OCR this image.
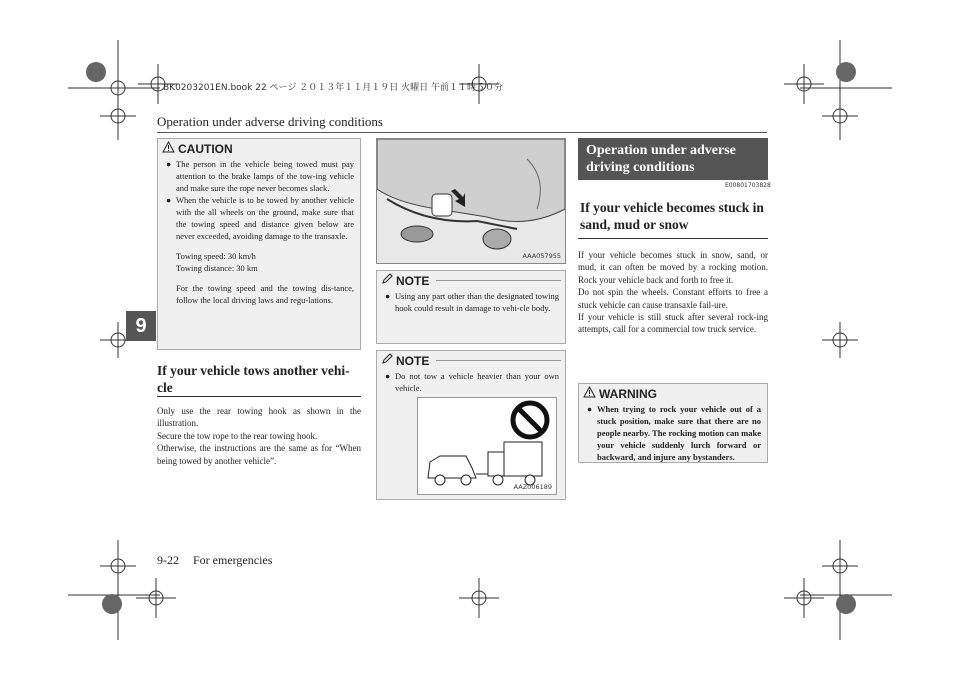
BK0203201EN.book 22 ページ ２０１３年１１月１９日 火曜日 午前１１時５０分
Operation under adverse driving conditions
9
9-22 For emergencies
CAUTION
● The person in the vehicle being towed must pay attention to the brake lamps of the tow-ing vehicle and make sure the rope never becomes slack.
● When the vehicle is to be towed by another vehicle with the all wheels on the ground, make sure that the towing speed and distance given below are never exceeded, avoiding damage to the transaxle.
Towing speed: 30 km/h
Towing distance: 30 km
For the towing speed and the towing dis-tance, follow the local driving laws and regu-lations.
If your vehicle tows another vehi-cle
Only use the rear towing hook as shown in the illustration.
Secure the tow rope to the rear towing hook.
Otherwise, the instructions are the same as for “When being towed by another vehicle”.
AAA057955
NOTE
● Using any part other than the designated towing hook could result in damage to vehi-cle body.
NOTE
● Do not tow a vehicle heavier than your own vehicle.
AAZ006189
Operation under adverse driving conditions
E00801703828
If your vehicle becomes stuck in sand, mud or snow
If your vehicle becomes stuck in snow, sand, or mud, it can often be moved by a rocking motion. Rock your vehicle back and forth to free it.
Do not spin the wheels. Constant efforts to free a stuck vehicle can cause transaxle fail-ure.
If your vehicle is still stuck after several rock-ing attempts, call for a commercial tow truck service.
WARNING
● When trying to rock your vehicle out of a stuck position, make sure that there are no people nearby. The rocking motion can make your vehicle suddenly lurch forward or backward, and injure any bystanders.
